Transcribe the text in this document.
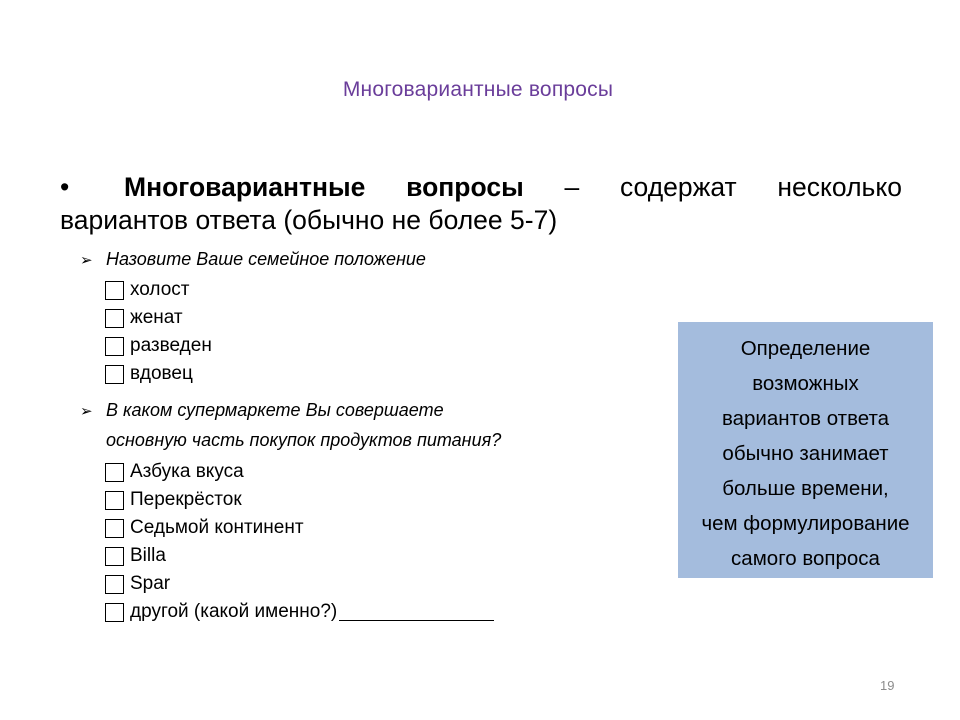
Многовариантные вопросы
• Многовариантные вопросы – содержат несколько
вариантов ответа (обычно не более 5-7)
➢ Назовите Ваше семейное положение
холост
женат
разведен
вдовец
➢ В каком супермаркете Вы совершаете
основную часть покупок продуктов питания?
Азбука вкуса
Перекрёсток
Седьмой континент
Billa
Spar
другой (какой именно?)
Определение
возможных
вариантов ответа
обычно занимает
больше времени,
чем формулирование
самого вопроса
19
